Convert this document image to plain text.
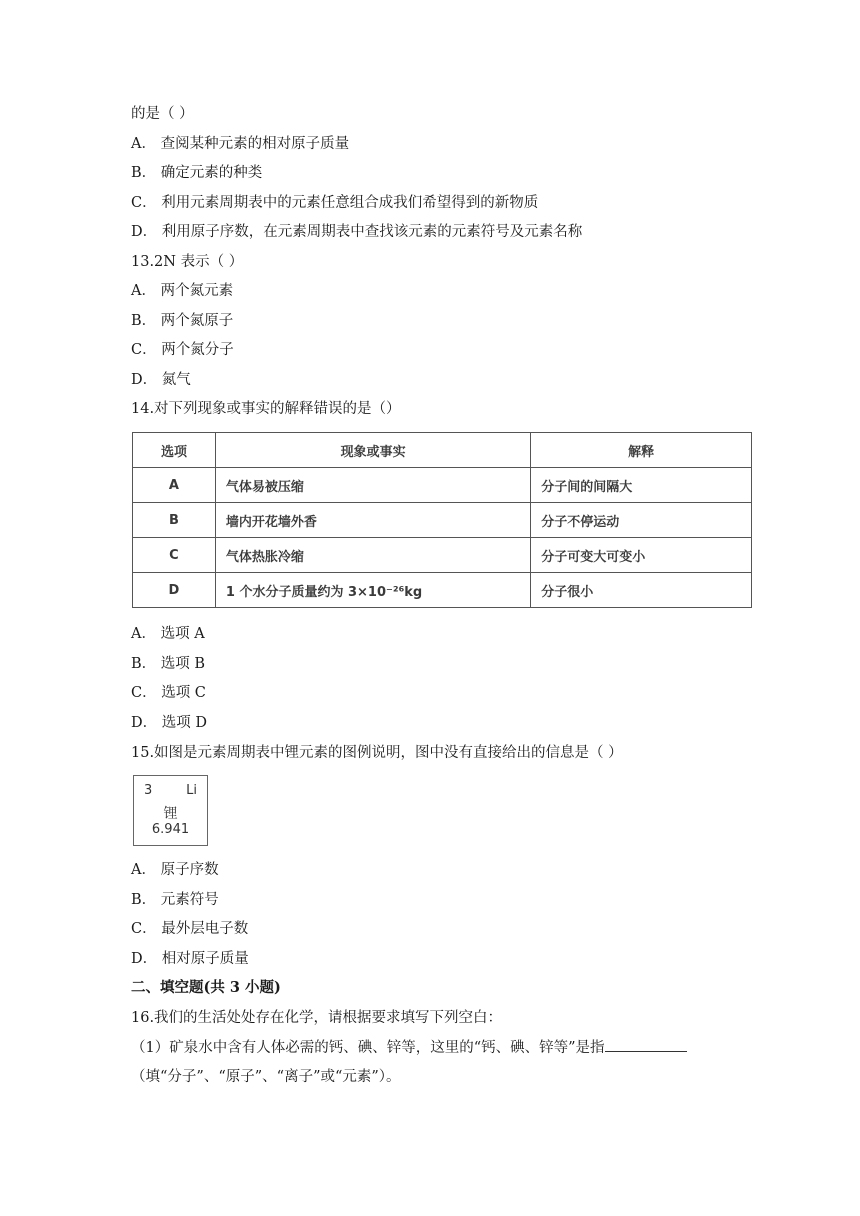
的是（ ）
A． 查阅某种元素的相对原子质量
B． 确定元素的种类
C． 利用元素周期表中的元素任意组合成我们希望得到的新物质
D． 利用原子序数，在元素周期表中查找该元素的元素符号及元素名称
13.2N 表示（ ）
A． 两个氮元素
B． 两个氮原子
C． 两个氮分子
D． 氮气
14.对下列现象或事实的解释错误的是（）
选项	现象或事实	解释
A	气体易被压缩	分子间的间隔大
B	墙内开花墙外香	分子不停运动
C	气体热胀冷缩	分子可变大可变小
D	1 个水分子质量约为 3×10⁻²⁶kg	分子很小
A． 选项 A
B． 选项 B
C． 选项 C
D． 选项 D
15.如图是元素周期表中锂元素的图例说明，图中没有直接给出的信息是（ ）
3	Li
锂
6.941
A． 原子序数
B． 元素符号
C． 最外层电子数
D． 相对原子质量
二、填空题(共 3 小题)
16.我们的生活处处存在化学，请根据要求填写下列空白：
（1）矿泉水中含有人体必需的钙、碘、锌等，这里的“钙、碘、锌等”是指
（填“分子”、“原子”、“离子”或“元素”）。
